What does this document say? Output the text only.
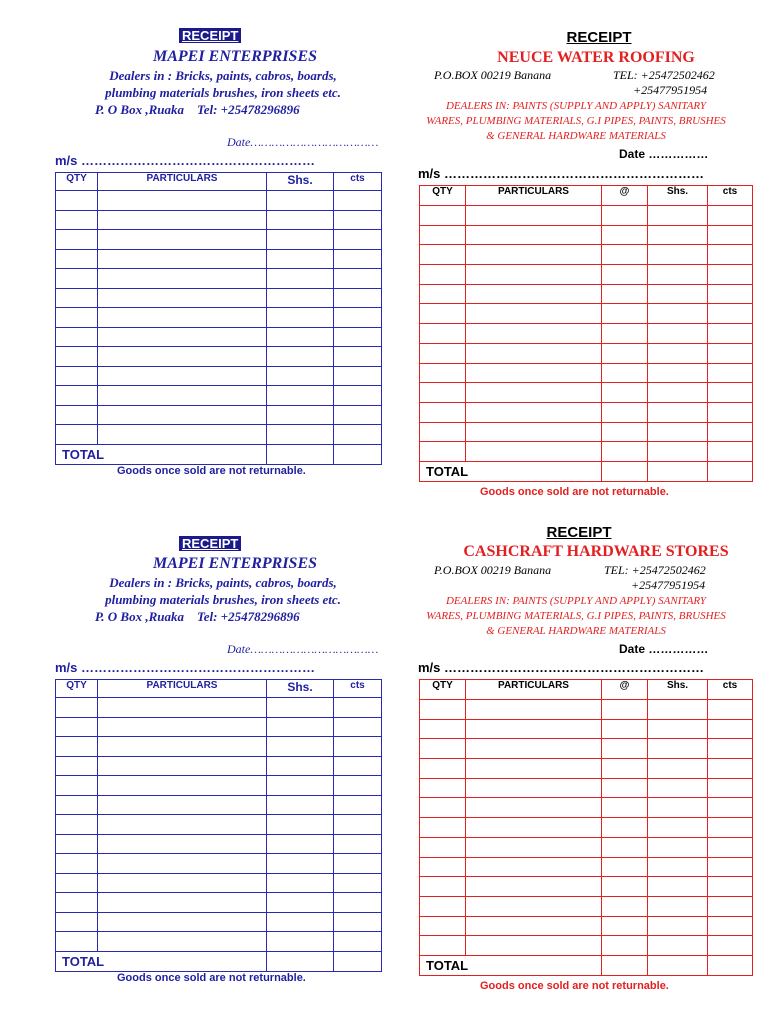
RECEIPT
MAPEI ENTERPRISES
Dealers in : Bricks, paints, cabros, boards,
plumbing materials brushes, iron sheets etc.
P. O Box ,Ruaka    Tel: +25478296896
Date………………………………
m/s ………………………………………………
QTY	PARTICULARS	Shs.	cts

TOTAL			
Goods once sold are not returnable.
RECEIPT
NEUCE WATER ROOFING
P.O.BOX 00219 Banana	TEL: +25472502462
+25477951954
DEALERS IN: PAINTS (SUPPLY AND APPLY) SANITARY
WARES, PLUMBING MATERIALS, G.I PIPES, PAINTS, BRUSHES
& GENERAL HARDWARE MATERIALS
Date ……………
m/s ……………………………………………………
QTY	PARTICULARS	@	Shs.	cts

TOTAL				
Goods once sold are not returnable.
RECEIPT
MAPEI ENTERPRISES
Dealers in : Bricks, paints, cabros, boards,
plumbing materials brushes, iron sheets etc.
P. O Box ,Ruaka    Tel: +25478296896
Date………………………………
m/s ………………………………………………
QTY	PARTICULARS	Shs.	cts

TOTAL			
Goods once sold are not returnable.
RECEIPT
CASHCRAFT HARDWARE STORES
P.O.BOX 00219 Banana	TEL: +25472502462
+25477951954
DEALERS IN: PAINTS (SUPPLY AND APPLY) SANITARY
WARES, PLUMBING MATERIALS, G.I PIPES, PAINTS, BRUSHES
& GENERAL HARDWARE MATERIALS
Date ……………
m/s ……………………………………………………
QTY	PARTICULARS	@	Shs.	cts

TOTAL				
Goods once sold are not returnable.
